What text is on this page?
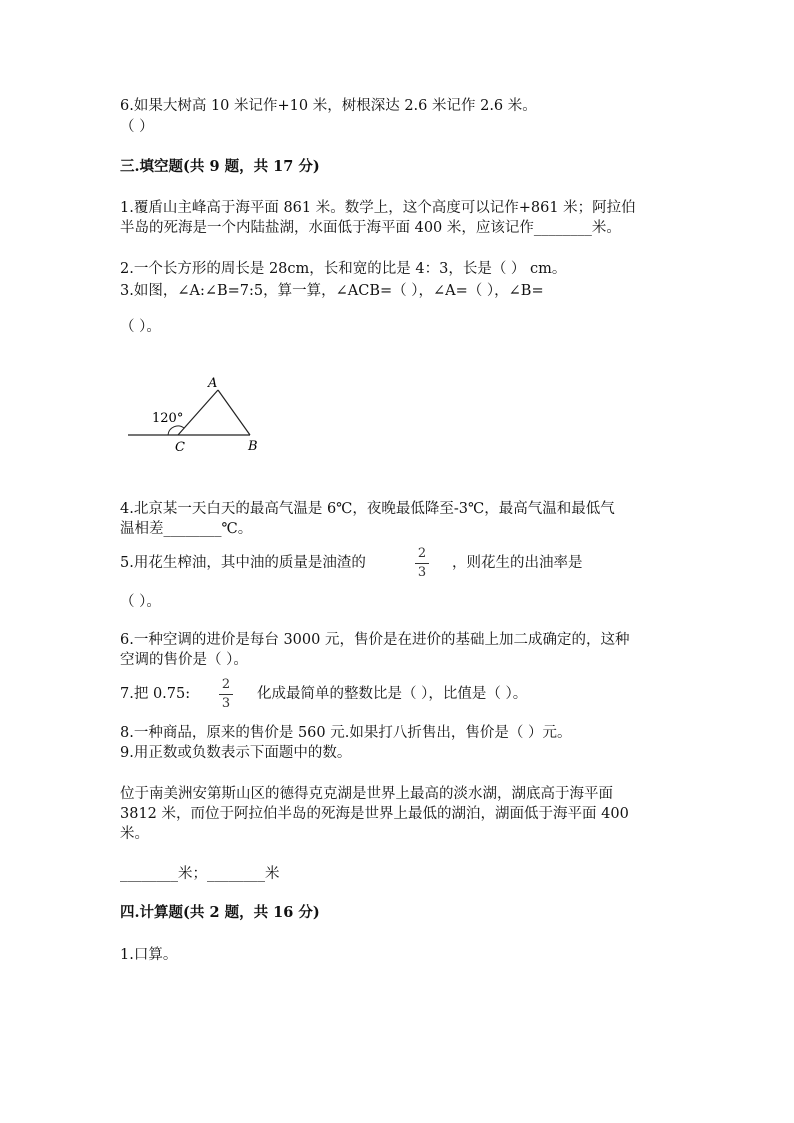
6.如果大树高 10 米记作+10 米，树根深达 2.6 米记作 2.6 米。
（ ）
三.填空题(共 9 题，共 17 分)
1.覆盾山主峰高于海平面 861 米。数学上，这个高度可以记作+861 米；阿拉伯
半岛的死海是一个内陆盐湖，水面低于海平面 400 米，应该记作________米。
2.一个长方形的周长是 28cm，长和宽的比是 4：3，长是（ ） cm。
3.如图，∠A:∠B=7:5，算一算，∠ACB=（ ），∠A=（ ），∠B=
（ ）。
A
B
C
120°
4.北京某一天白天的最高气温是 6℃，夜晚最低降至-3℃，最高气温和最低气
温相差________℃。
5.用花生榨油，其中油的质量是油渣的
2
3
，则花生的出油率是
（ ）。
6.一种空调的进价是每台 3000 元，售价是在进价的基础上加二成确定的，这种
空调的售价是（ ）。
7.把 0.75:
2
3
化成最简单的整数比是（ ），比值是（ ）。
8.一种商品，原来的售价是 560 元.如果打八折售出，售价是（ ）元。
9.用正数或负数表示下面题中的数。
位于南美洲安第斯山区的德得克克湖是世界上最高的淡水湖，湖底高于海平面
3812 米，而位于阿拉伯半岛的死海是世界上最低的湖泊，湖面低于海平面 400
米。
________米；________米
四.计算题(共 2 题，共 16 分)
1.口算。
